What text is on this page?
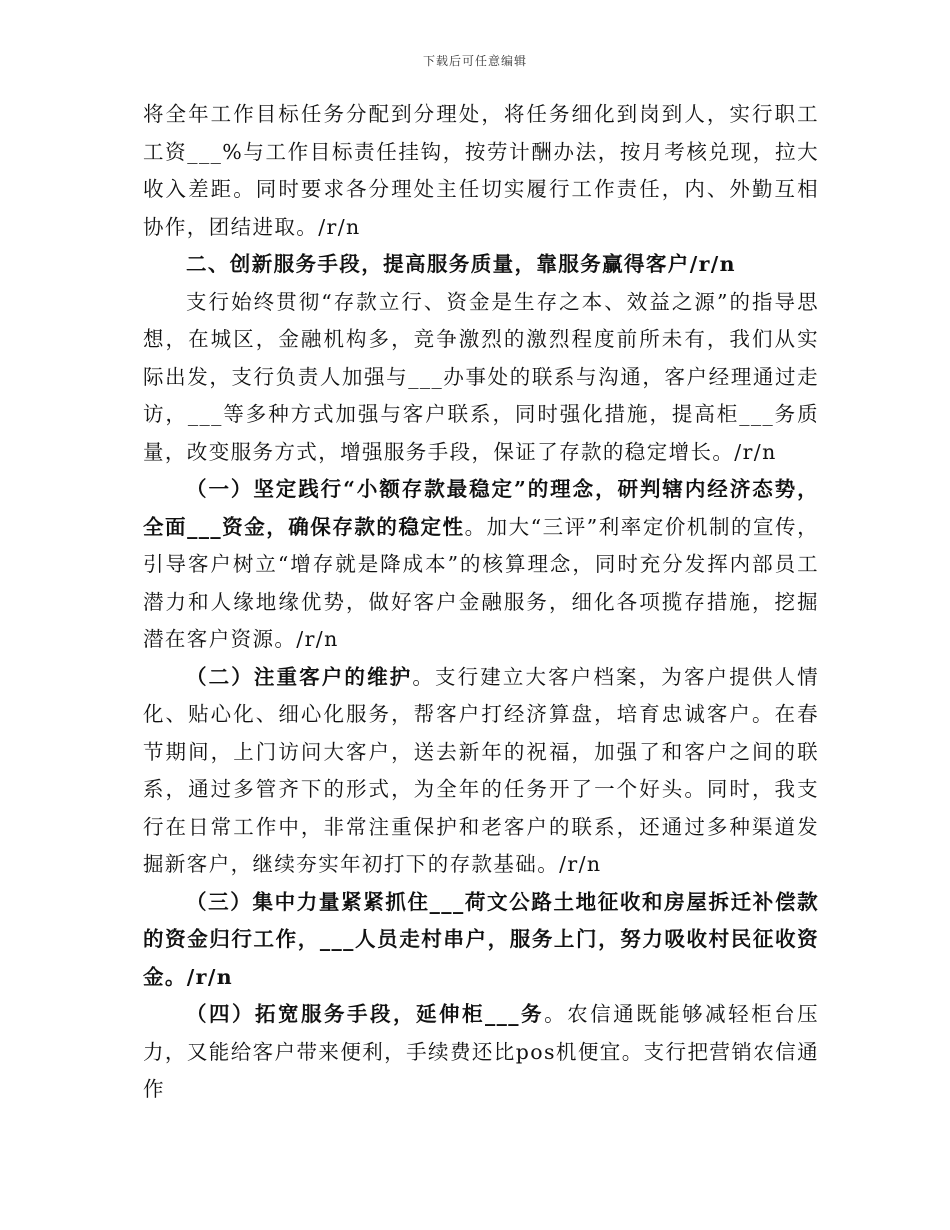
下载后可任意编辑

将全年工作目标任务分配到分理处，将任务细化到岗到人，实行职工工资___%与工作目标责任挂钩，按劳计酬办法，按月考核兑现，拉大收入差距。同时要求各分理处主任切实履行工作责任，内、外勤互相协作，团结进取。/r/n

二、创新服务手段，提高服务质量，靠服务赢得客户/r/n

支行始终贯彻“存款立行、资金是生存之本、效益之源”的指导思想，在城区，金融机构多，竞争激烈的激烈程度前所未有，我们从实际出发，支行负责人加强与___办事处的联系与沟通，客户经理通过走访，___等多种方式加强与客户联系，同时强化措施，提高柜___务质量，改变服务方式，增强服务手段，保证了存款的稳定增长。/r/n

（一）坚定践行“小额存款最稳定”的理念，研判辖内经济态势，全面___资金，确保存款的稳定性。加大“三评”利率定价机制的宣传，引导客户树立“增存就是降成本”的核算理念，同时充分发挥内部员工潜力和人缘地缘优势，做好客户金融服务，细化各项揽存措施，挖掘潜在客户资源。/r/n

（二）注重客户的维护。支行建立大客户档案，为客户提供人情化、贴心化、细心化服务，帮客户打经济算盘，培育忠诚客户。在春节期间，上门访问大客户，送去新年的祝福，加强了和客户之间的联系，通过多管齐下的形式，为全年的任务开了一个好头。同时，我支行在日常工作中，非常注重保护和老客户的联系，还通过多种渠道发掘新客户，继续夯实年初打下的存款基础。/r/n

（三）集中力量紧紧抓住___荷文公路土地征收和房屋拆迁补偿款的资金归行工作，___人员走村串户，服务上门，努力吸收村民征收资金。/r/n

（四）拓宽服务手段，延伸柜___务。农信通既能够减轻柜台压力，又能给客户带来便利，手续费还比pos机便宜。支行把营销农信通作
